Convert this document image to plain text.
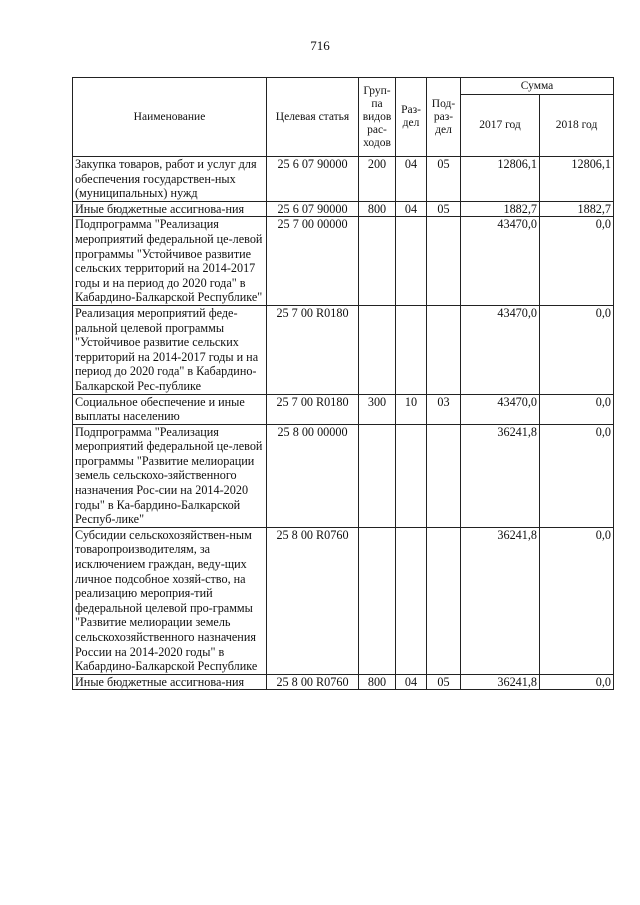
716
Наименование	Целевая статья	Груп-па видов рас-ходов	Раз-дел	Под-раз-дел	Сумма	
					2017 год	2018 год
Закупка товаров, работ и услуг для обеспечения государствен-ных (муниципальных) нужд	25 6 07 90000	200	04	05	12806,1	12806,1
Иные бюджетные ассигнова-ния	25 6 07 90000	800	04	05	1882,7	1882,7
Подпрограмма "Реализация мероприятий федеральной це-левой программы "Устойчивое развитие сельских территорий на 2014-2017 годы и на период до 2020 года" в Кабардино-Балкарской Республике"	25 7 00 00000				43470,0	0,0
Реализация мероприятий феде-ральной целевой программы "Устойчивое развитие сельских территорий на 2014-2017 годы и на период до 2020 года" в Кабардино-Балкарской Рес-публике	25 7 00 R0180				43470,0	0,0
Социальное обеспечение и иные выплаты населению	25 7 00 R0180	300	10	03	43470,0	0,0
Подпрограмма "Реализация мероприятий федеральной це-левой программы "Развитие мелиорации земель сельскохо-зяйственного назначения Рос-сии на 2014-2020 годы" в Ка-бардино-Балкарской Респуб-лике"	25 8 00 00000				36241,8	0,0
Субсидии сельскохозяйствен-ным товаропроизводителям, за исключением граждан, веду-щих личное подсобное хозяй-ство, на реализацию мероприя-тий федеральной целевой про-граммы "Развитие мелиорации земель сельскохозяйственного назначения России на 2014-2020 годы" в Кабардино-Балкарской Республике	25 8 00 R0760				36241,8	0,0
Иные бюджетные ассигнова-ния	25 8 00 R0760	800	04	05	36241,8	0,0
